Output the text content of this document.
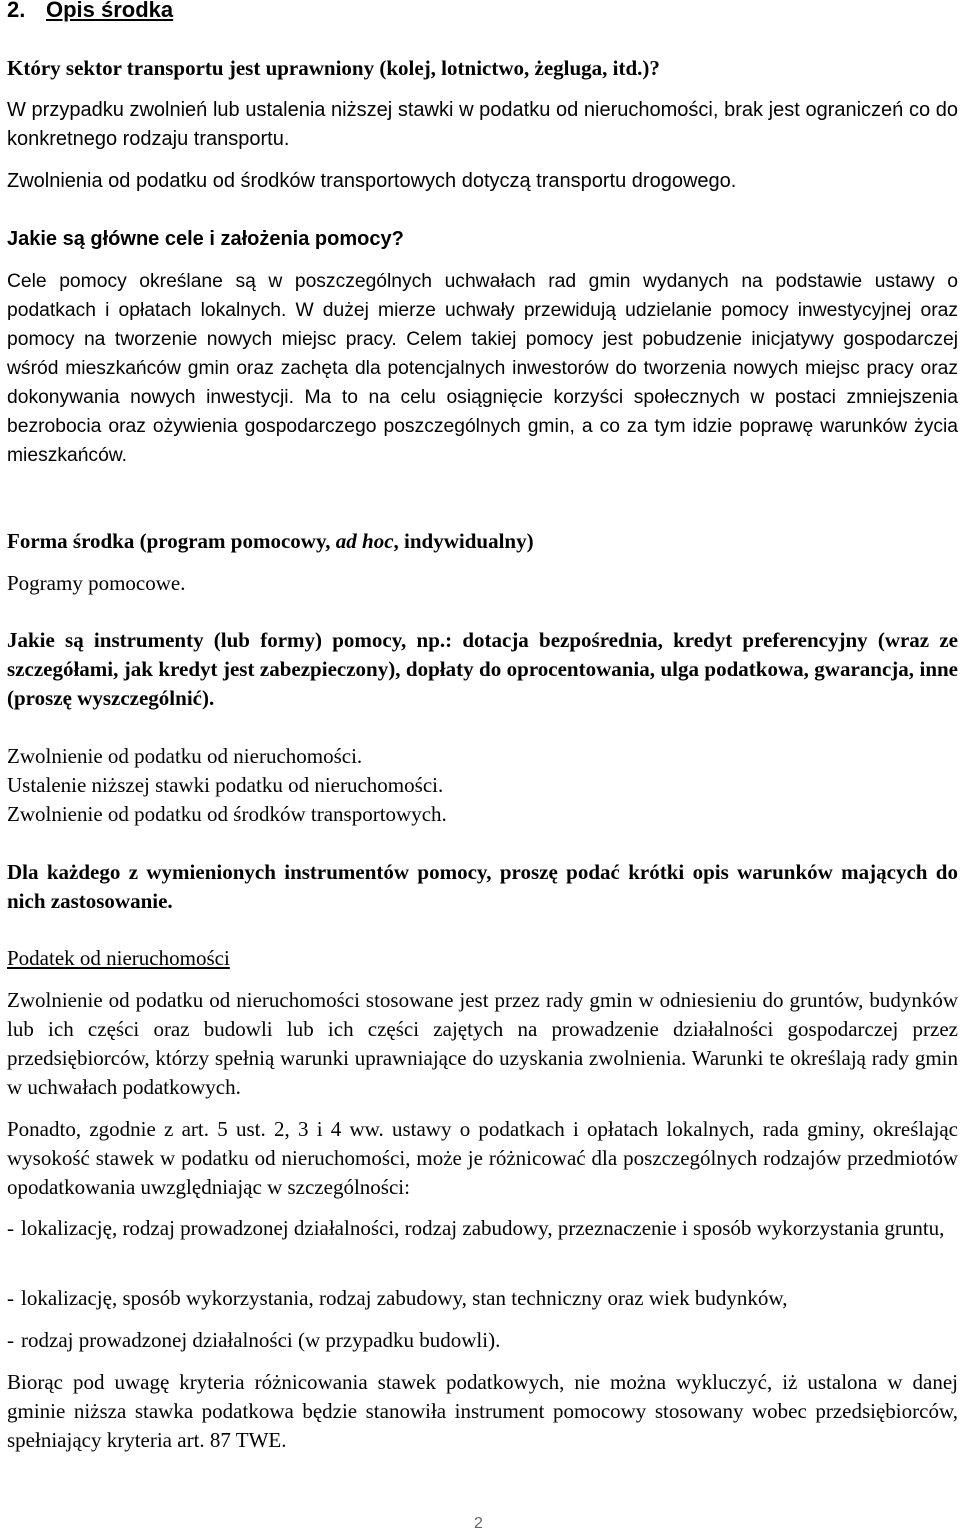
2. Opis środka
Który sektor transportu jest uprawniony (kolej, lotnictwo, żegluga, itd.)?
W przypadku zwolnień lub ustalenia niższej stawki w podatku od nieruchomości, brak jest ograniczeń co do konkretnego rodzaju transportu.
Zwolnienia od podatku od środków transportowych dotyczą transportu drogowego.
Jakie są główne cele i założenia pomocy?
Cele pomocy określane są w poszczególnych uchwałach rad gmin wydanych na podstawie ustawy o podatkach i opłatach lokalnych. W dużej mierze uchwały przewidują udzielanie pomocy inwestycyjnej oraz pomocy na tworzenie nowych miejsc pracy. Celem takiej pomocy jest pobudzenie inicjatywy gospodarczej wśród mieszkańców gmin oraz zachęta dla potencjalnych inwestorów do tworzenia nowych miejsc pracy oraz dokonywania nowych inwestycji. Ma to na celu osiągnięcie korzyści społecznych w postaci zmniejszenia bezrobocia oraz ożywienia gospodarczego poszczególnych gmin, a co za tym idzie poprawę warunków życia mieszkańców.
Forma środka (program pomocowy, ad hoc, indywidualny)
Pogramy pomocowe.
Jakie są instrumenty (lub formy) pomocy, np.: dotacja bezpośrednia, kredyt preferencyjny (wraz ze szczegółami, jak kredyt jest zabezpieczony), dopłaty do oprocentowania, ulga podatkowa, gwarancja, inne (proszę wyszczególnić).
Zwolnienie od podatku od nieruchomości.
Ustalenie niższej stawki podatku od nieruchomości.
Zwolnienie od podatku od środków transportowych.
Dla każdego z wymienionych instrumentów pomocy, proszę podać krótki opis warunków mających do nich zastosowanie.
Podatek od nieruchomości
Zwolnienie od podatku od nieruchomości stosowane jest przez rady gmin w odniesieniu do gruntów, budynków lub ich części oraz budowli lub ich części zajętych na prowadzenie działalności gospodarczej przez przedsiębiorców, którzy spełnią warunki uprawniające do uzyskania zwolnienia. Warunki te określają rady gmin w uchwałach podatkowych.
Ponadto, zgodnie z art. 5 ust. 2, 3 i 4 ww. ustawy o podatkach i opłatach lokalnych, rada gminy, określając wysokość stawek w podatku od nieruchomości, może je różnicować dla poszczególnych rodzajów przedmiotów opodatkowania uwzględniając w szczególności:
- lokalizację, rodzaj prowadzonej działalności, rodzaj zabudowy, przeznaczenie i sposób wykorzystania gruntu,
- lokalizację, sposób wykorzystania, rodzaj zabudowy, stan techniczny oraz wiek budynków,
- rodzaj prowadzonej działalności (w przypadku budowli).
Biorąc pod uwagę kryteria różnicowania stawek podatkowych, nie można wykluczyć, iż ustalona w danej gminie niższa stawka podatkowa będzie stanowiła instrument pomocowy stosowany wobec przedsiębiorców, spełniający kryteria art. 87 TWE.
2
